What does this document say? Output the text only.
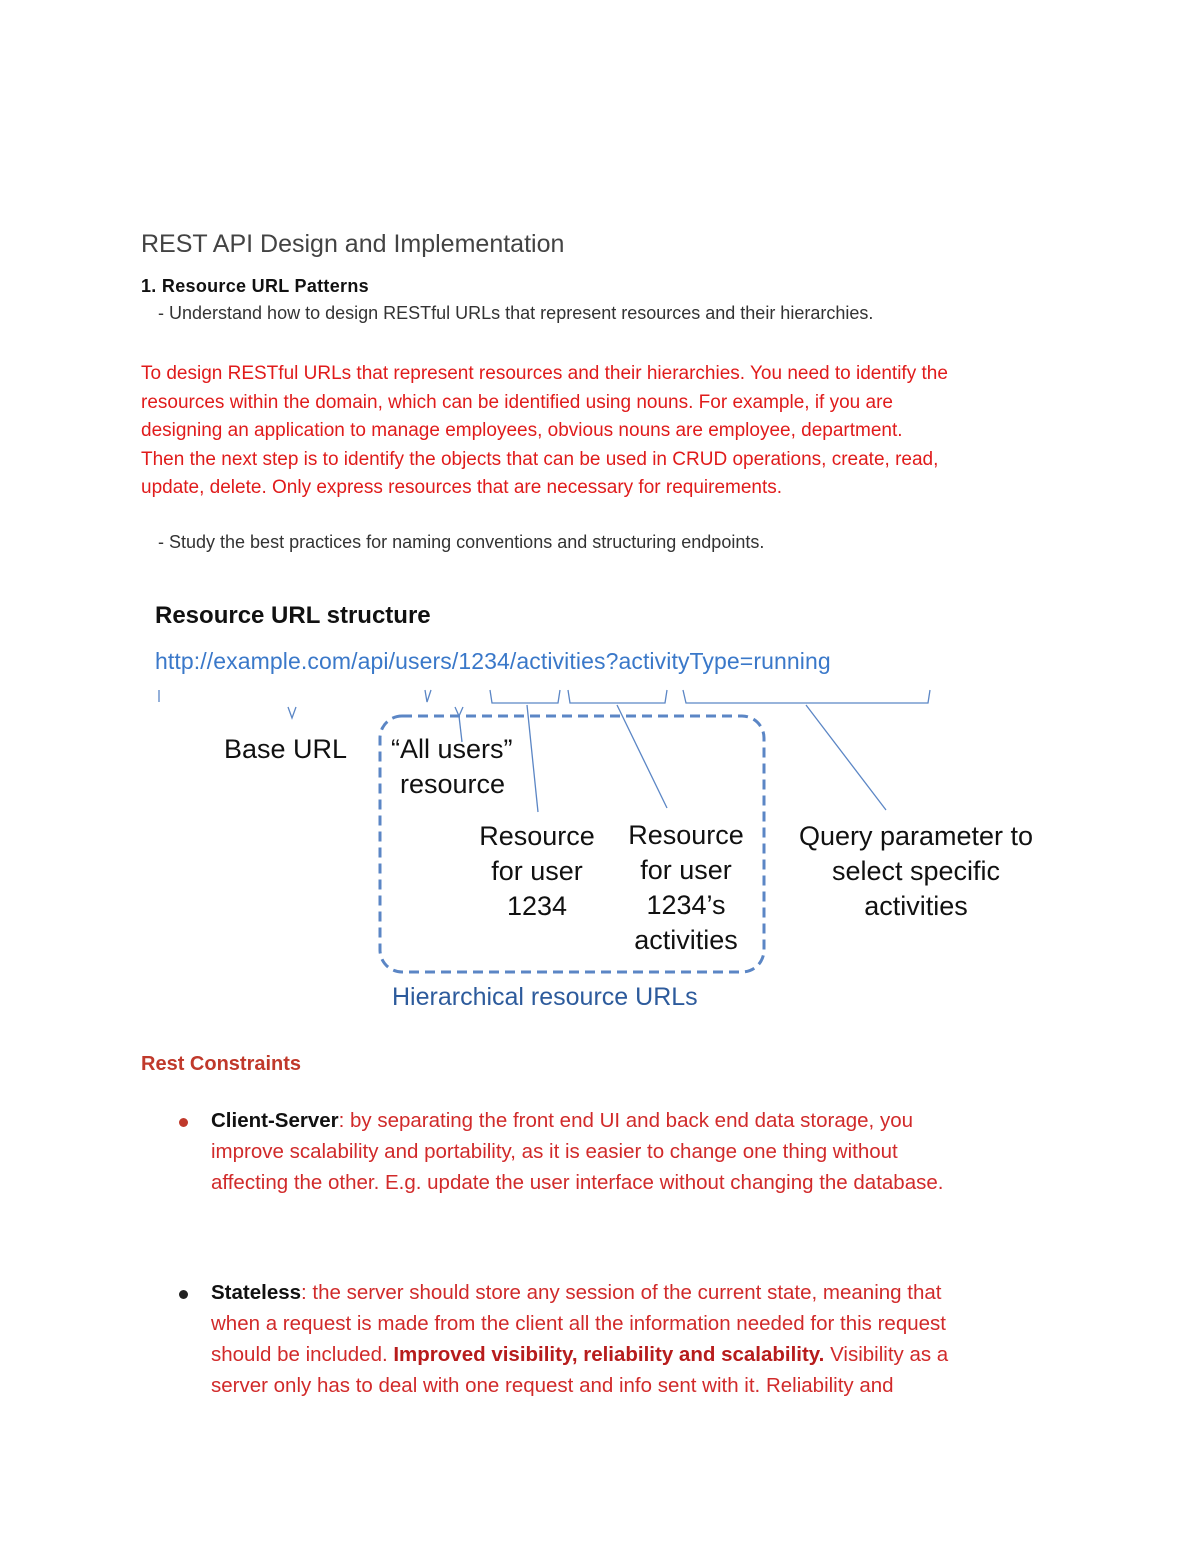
REST API Design and Implementation
1. Resource URL Patterns
- Understand how to design RESTful URLs that represent resources and their hierarchies.
To design RESTful URLs that represent resources and their hierarchies. You need to identify the
resources within the domain, which can be identified using nouns. For example, if you are
designing an application to manage employees, obvious nouns are employee, department.
Then the next step is to identify the objects that can be used in CRUD operations, create, read,
update, delete. Only express resources that are necessary for requirements.
- Study the best practices for naming conventions and structuring endpoints.
Resource URL structure
http://example.com/api/users/1234/activities?activityType=running
Base URL “All users”
resource
Resource
for user
1234
Resource
for user
1234’s
activities
Query parameter to
select specific
activities
Hierarchical resource URLs
Rest Constraints
Client-Server: by separating the front end UI and back end data storage, you
improve scalability and portability, as it is easier to change one thing without
affecting the other. E.g. update the user interface without changing the database.
Stateless: the server should store any session of the current state, meaning that
when a request is made from the client all the information needed for this request
should be included. Improved visibility, reliability and scalability. Visibility as a
server only has to deal with one request and info sent with it. Reliability and
